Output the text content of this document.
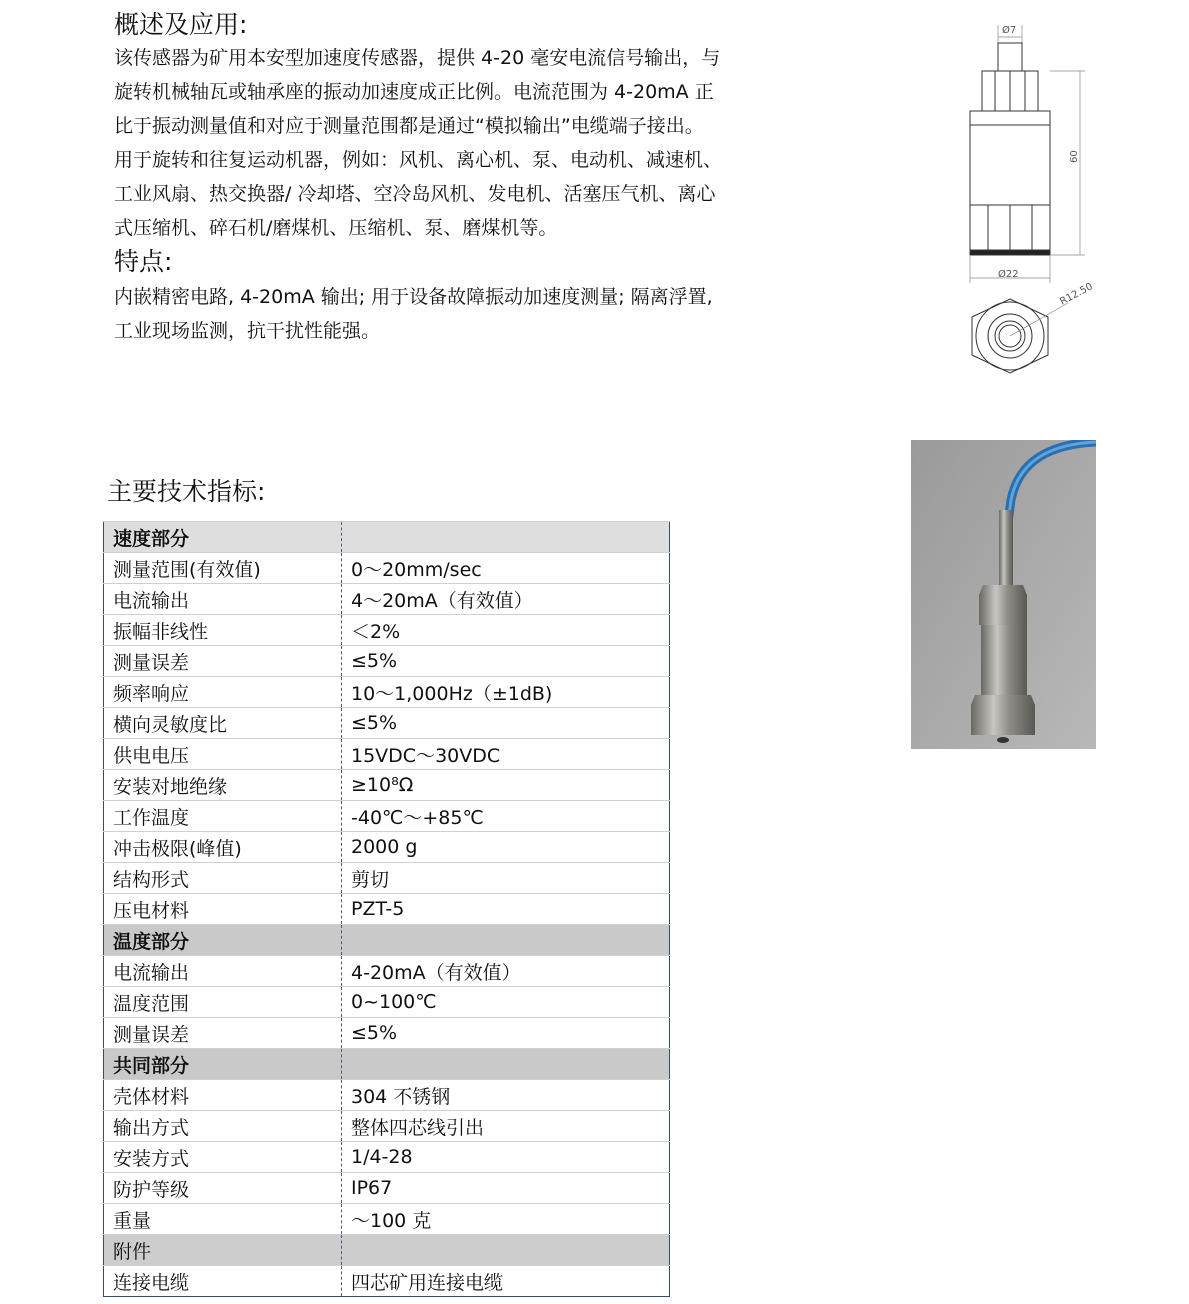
概述及应用:
该传感器为矿用本安型加速度传感器，提供 4-20 毫安电流信号输出，与
旋转机械轴瓦或轴承座的振动加速度成正比例。电流范围为 4-20mA 正
比于振动测量值和对应于测量范围都是通过“模拟输出”电缆端子接出。
用于旋转和往复运动机器，例如：风机、离心机、泵、电动机、减速机、
工业风扇、热交换器/ 冷却塔、空冷岛风机、发电机、活塞压气机、离心
式压缩机、碎石机/磨煤机、压缩机、泵、磨煤机等。
特点:
内嵌精密电路, 4-20mA 输出; 用于设备故障振动加速度测量; 隔离浮置,
工业现场监测，抗干扰性能强。
Ø7
60
Ø22
R12.50
主要技术指标:
速度部分	
测量范围(有效值)	0～20mm/sec
电流输出	4～20mA（有效值）
振幅非线性	＜2%
测量误差	≤5%
频率响应	10～1,000Hz（±1dB)
横向灵敏度比	≤5%
供电电压	15VDC～30VDC
安装对地绝缘	≥10⁸Ω
工作温度	-40℃～+85℃
冲击极限(峰值)	2000 g
结构形式	剪切
压电材料	PZT-5
温度部分	
电流输出	4-20mA（有效值）
温度范围	0~100℃
测量误差	≤5%
共同部分	
壳体材料	304 不锈钢
输出方式	整体四芯线引出
安装方式	1/4-28
防护等级	IP67
重量	～100 克
附件	
连接电缆	四芯矿用连接电缆
